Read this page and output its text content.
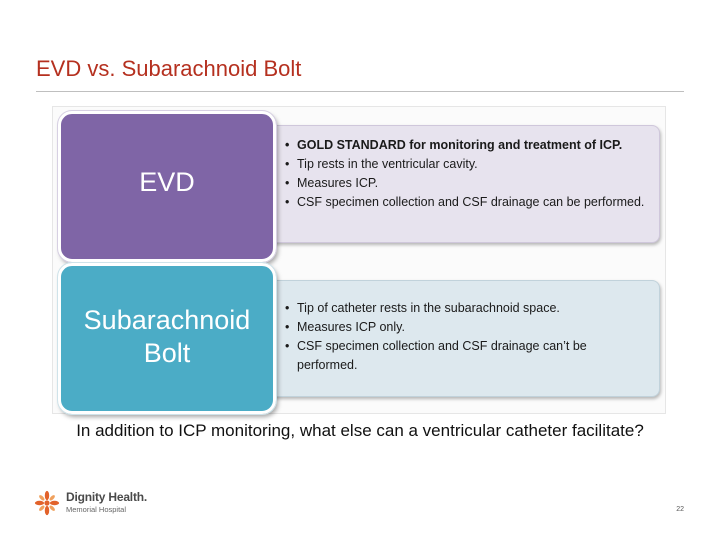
EVD vs. Subarachnoid Bolt
• GOLD STANDARD for monitoring and treatment of ICP.
• Tip rests in the ventricular cavity.
• Measures ICP.
• CSF specimen collection and CSF drainage can be performed.
• Tip of catheter rests in the subarachnoid space.
• Measures ICP only.
• CSF specimen collection and CSF drainage can’t be performed.
EVD
Subarachnoid Bolt
In addition to ICP monitoring, what else can a ventricular catheter facilitate?
Dignity Health.
Memorial Hospital	22
